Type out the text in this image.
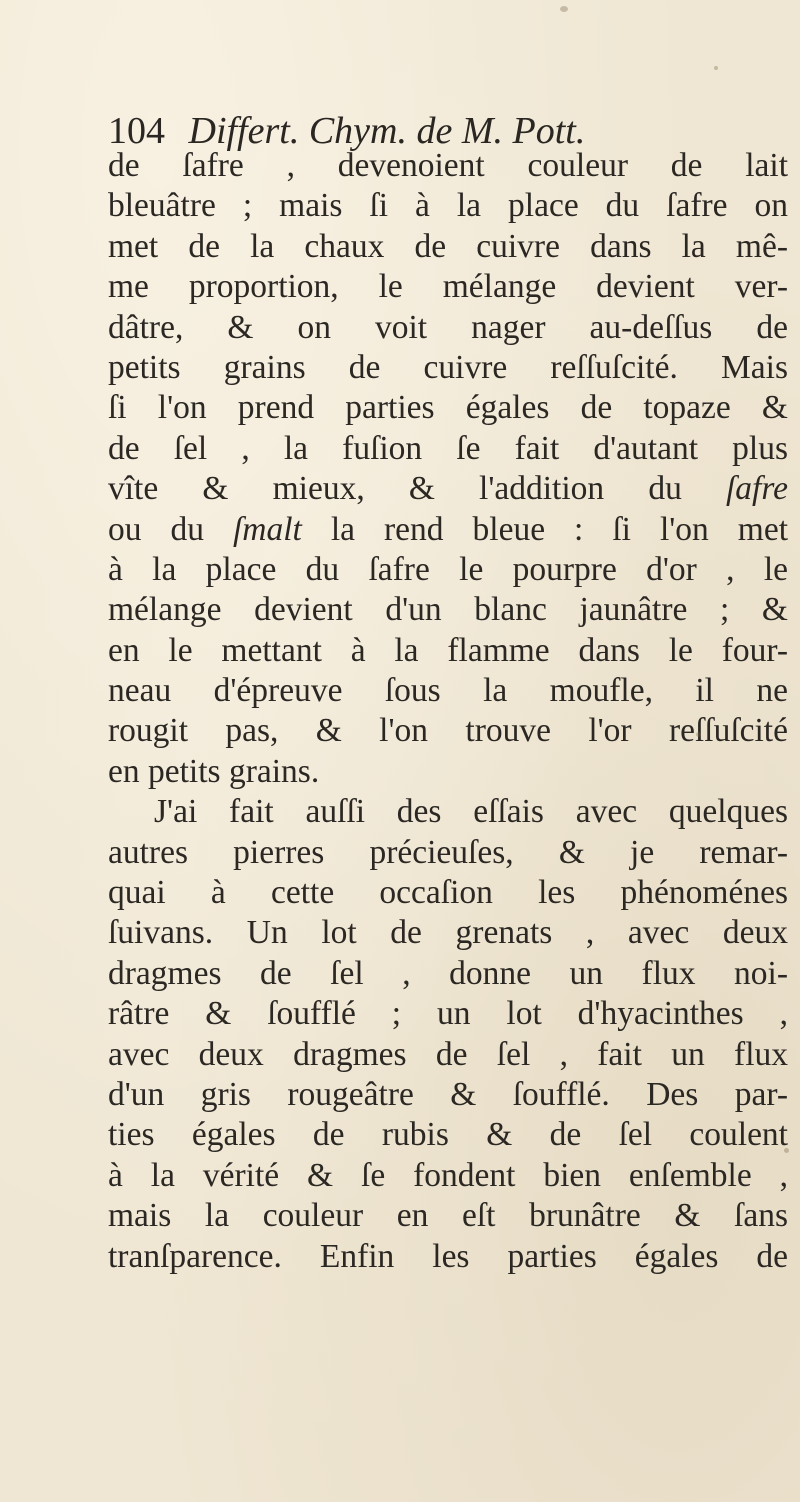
104 Differt. Chym. de M. Pott.
de ſafre , devenoient couleur de lait
bleuâtre ; mais ſi à la place du ſafre on
met de la chaux de cuivre dans la mê-
me proportion, le mélange devient ver-
dâtre, & on voit nager au-deſſus de
petits grains de cuivre reſſuſcité. Mais
ſi l'on prend parties égales de topaze &
de ſel , la fuſion ſe fait d'autant plus
vîte & mieux, & l'addition du ſafre
ou du ſmalt la rend bleue : ſi l'on met
à la place du ſafre le pourpre d'or , le
mélange devient d'un blanc jaunâtre ; &
en le mettant à la flamme dans le four-
neau d'épreuve ſous la moufle, il ne
rougit pas, & l'on trouve l'or reſſuſcité
en petits grains.
J'ai fait auſſi des eſſais avec quelques
autres pierres précieuſes, & je remar-
quai à cette occaſion les phénoménes
ſuivans. Un lot de grenats , avec deux
dragmes de ſel , donne un flux noi-
râtre & ſoufflé ; un lot d'hyacinthes ,
avec deux dragmes de ſel , fait un flux
d'un gris rougeâtre & ſoufflé. Des par-
ties égales de rubis & de ſel coulent
à la vérité & ſe fondent bien enſemble ,
mais la couleur en eſt brunâtre & ſans
tranſparence. Enfin les parties égales de
